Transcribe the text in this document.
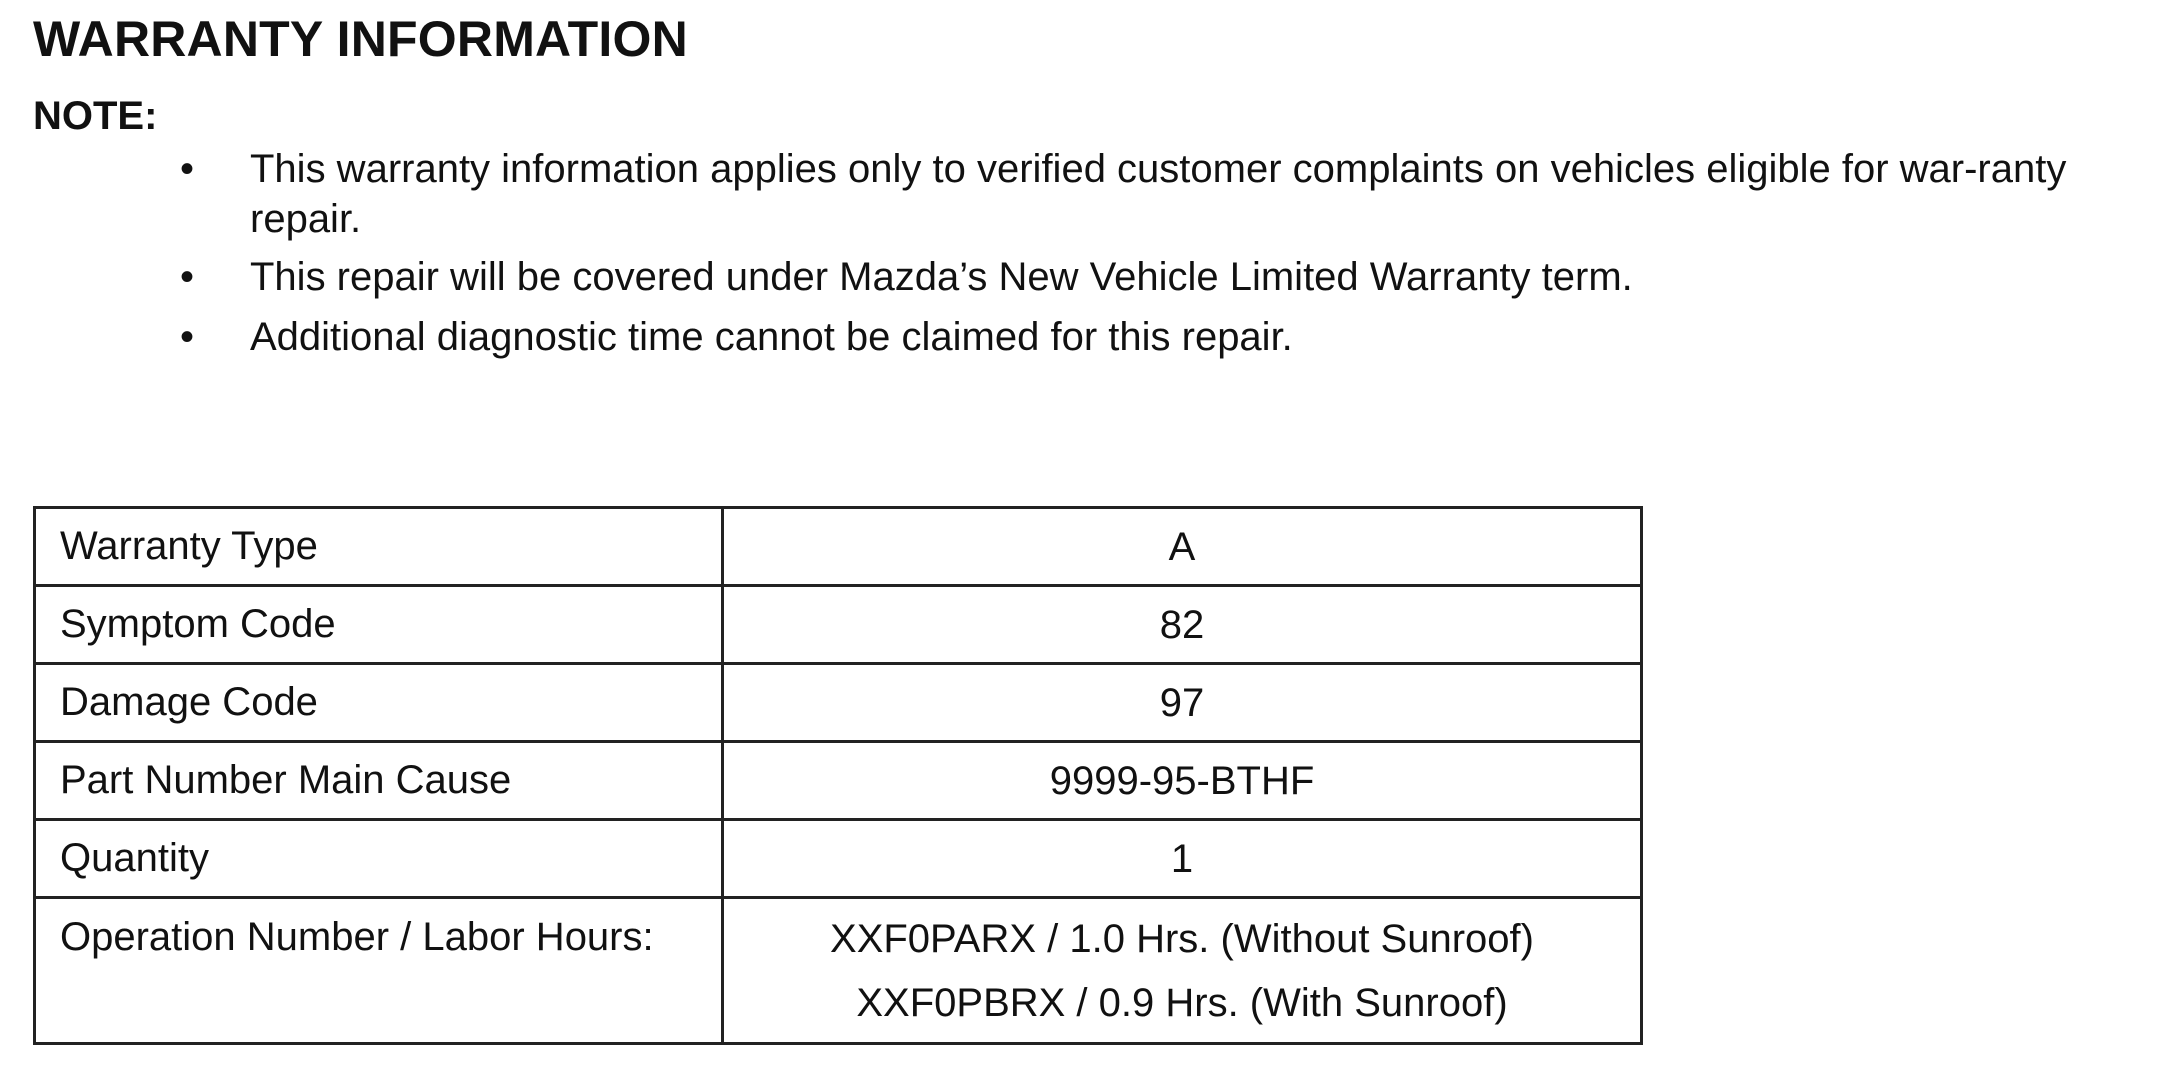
WARRANTY INFORMATION
NOTE:
• This warranty information applies only to verified customer complaints on vehicles eligible for war-ranty repair.
• This repair will be covered under Mazda’s New Vehicle Limited Warranty term.
• Additional diagnostic time cannot be claimed for this repair.
Warranty Type	A

Symptom Code	82

Damage Code	97

Part Number Main Cause	9999-95-BTHF

Quantity	1

Operation Number / Labor Hours:	XXF0PARX / 1.0 Hrs. (Without Sunroof)
XXF0PBRX / 0.9 Hrs. (With Sunroof)
